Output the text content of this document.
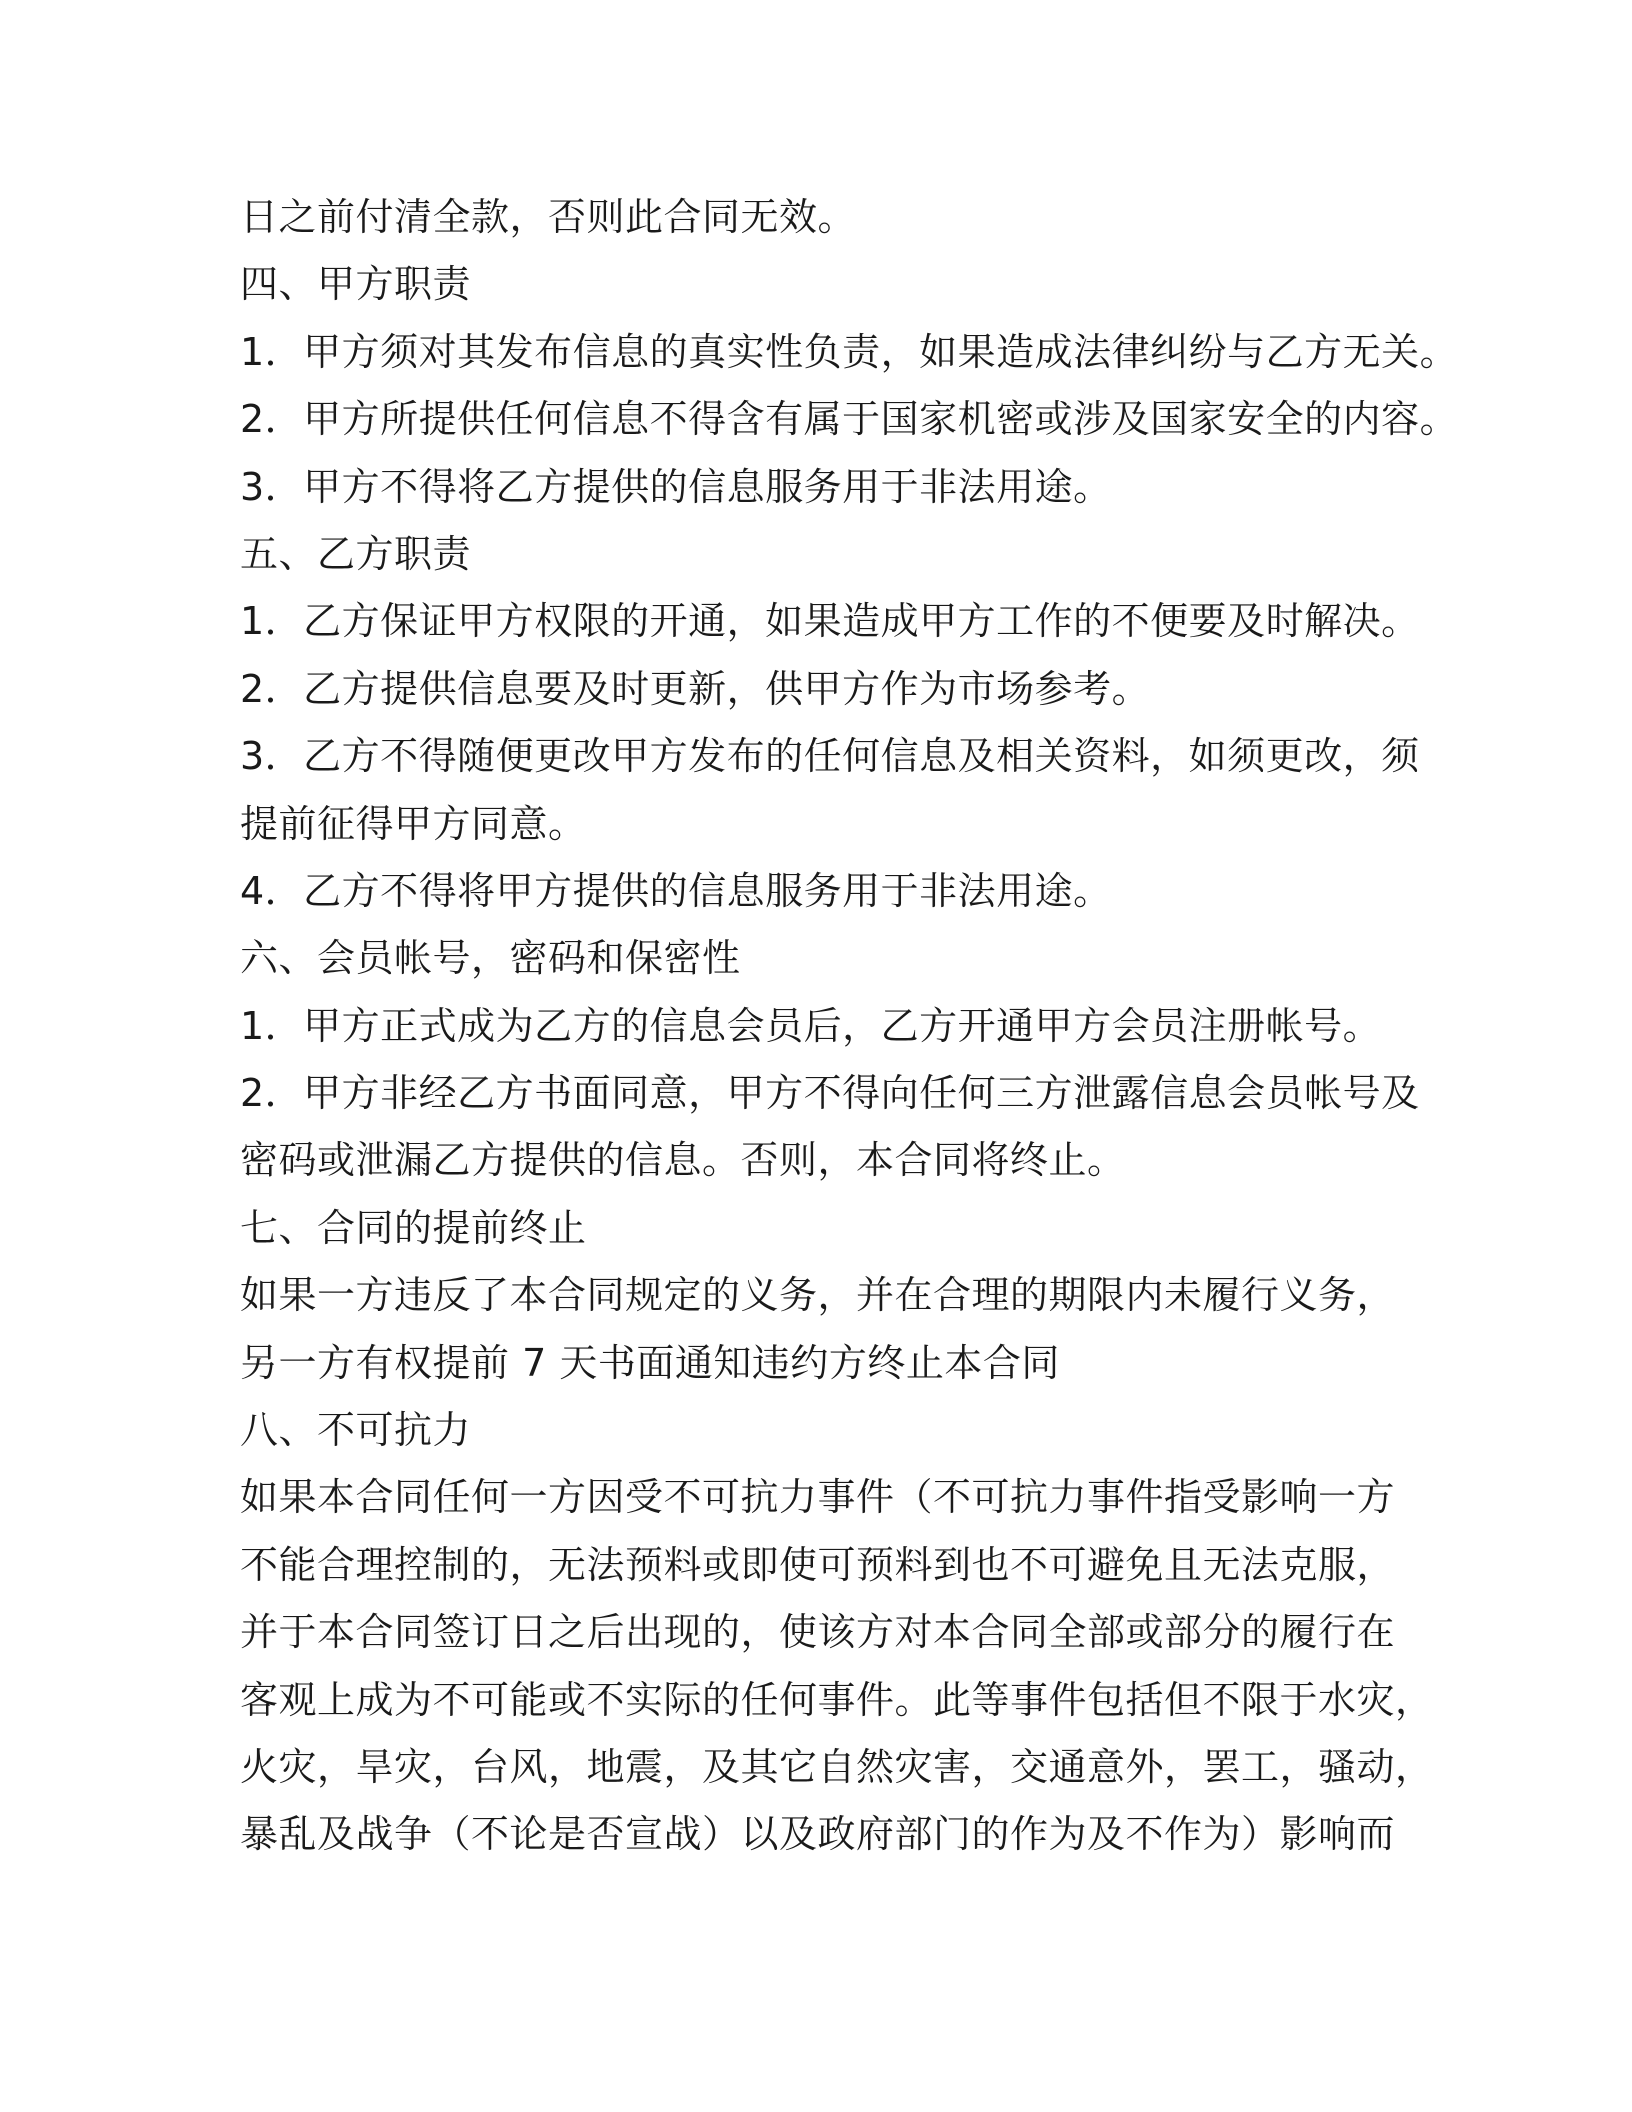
日之前付清全款，否则此合同无效。
四、甲方职责
1．甲方须对其发布信息的真实性负责，如果造成法律纠纷与乙方无关。
2．甲方所提供任何信息不得含有属于国家机密或涉及国家安全的内容。
3．甲方不得将乙方提供的信息服务用于非法用途。
五、乙方职责
1．乙方保证甲方权限的开通，如果造成甲方工作的不便要及时解决。
2．乙方提供信息要及时更新，供甲方作为市场参考。
3．乙方不得随便更改甲方发布的任何信息及相关资料，如须更改，须
提前征得甲方同意。
4．乙方不得将甲方提供的信息服务用于非法用途。
六、会员帐号，密码和保密性
1．甲方正式成为乙方的信息会员后，乙方开通甲方会员注册帐号。
2．甲方非经乙方书面同意，甲方不得向任何三方泄露信息会员帐号及
密码或泄漏乙方提供的信息。否则，本合同将终止。
七、合同的提前终止
如果一方违反了本合同规定的义务，并在合理的期限内未履行义务，
另一方有权提前 7 天书面通知违约方终止本合同
八、不可抗力
如果本合同任何一方因受不可抗力事件（不可抗力事件指受影响一方
不能合理控制的，无法预料或即使可预料到也不可避免且无法克服，
并于本合同签订日之后出现的，使该方对本合同全部或部分的履行在
客观上成为不可能或不实际的任何事件。此等事件包括但不限于水灾，
火灾，旱灾，台风，地震，及其它自然灾害，交通意外，罢工，骚动，
暴乱及战争（不论是否宣战）以及政府部门的作为及不作为）影响而
